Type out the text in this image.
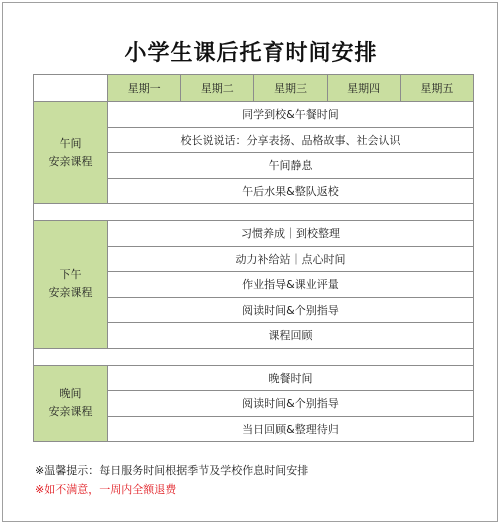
小学生课后托育时间安排
	星期一	星期二	星期三	星期四	星期五

午间
安亲课程	同学到校&午餐时间				
	校长说说话：分享表扬、品格故事、社会认识				
	午间静息				
	午后水果&整队返校				

下午
安亲课程	习惯养成｜到校整理				
	动力补给站｜点心时间				
	作业指导&课业评量				
	阅读时间&个别指导				
	课程回顾				

晚间
安亲课程	晚餐时间				
	阅读时间&个别指导				
	当日回顾&整理待归				
※温馨提示：每日服务时间根据季节及学校作息时间安排
※如不满意，一周内全额退费
